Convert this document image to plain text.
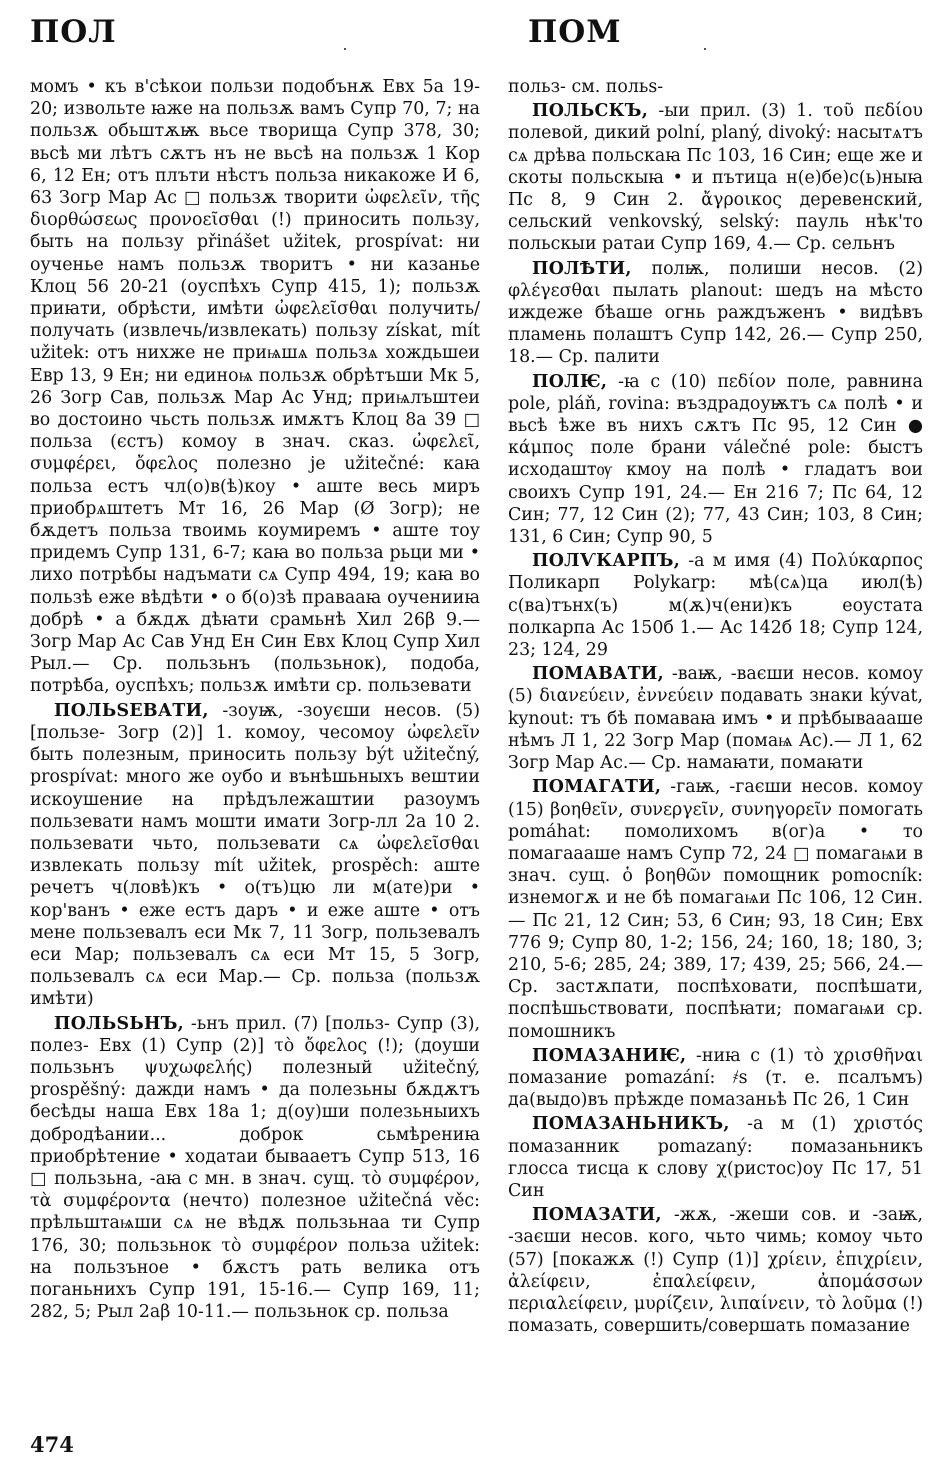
ПОЛ	ПОМ

момъ • къ в'сѣкои пользи подобънѫ Евх 5а 19-20; извольте ꙗже на пользѫ вамъ Супр 70, 7; на пользѫ обьштѫѭ вьсе творища Супр 378, 30; вьсѣ ми лѣтъ сѫтъ нъ не вьсѣ на пользѫ 1 Кор 6, 12 Ен; отъ плъти нѣстъ польза никакоже И 6, 63 Зогр Мар Ас □ пользѫ творити ὠφελεῖν, τῆς διορθώσεως προνοεῖσθαι (!) приносить пользу, быть на пользу přinášet užitek, prospívat: ни оученье намъ пользѫ творитъ • ни казанье Клоц 56 20-21 (оуспѣхъ Супр 415, 1); пользѫ приꙗти, обрѣсти, имѣти ὠφελεῖσθαι получить/получать (извлечь/извлекать) пользу získat, mít užitek: отъ нихже не приѩшѧ пользѧ хождьшеи Евр 13, 9 Ен; ни единоѩ пользѫ обрѣтъши Мк 5, 26 Зогр Сав, пользѫ Мар Ас Унд; приѩлъштеи во достоино чьсть пользѫ имѫтъ Клоц 8а 39 □ польза (єстъ) комоу в знач. сказ. ὠφελεῖ, συμφέρει, ὄφελος полезно je užitečné: каꙗ пользa естъ чл(о)в(ѣ)коу • аште весь миръ приобрѧштетъ Мт 16, 26 Мар (Ø Зогр); не бѫдетъ польза твоимь коумиремъ • аште тоу придемъ Супр 131, 6-7; каꙗ во польза рьци ми • лихо потрѣбы надъмати сѧ Супр 494, 19; каꙗ во пользѣ еже вѣдѣти • о б(о)зѣ правааꙗ оученииꙗ добрѣ • а бѫдѫ дѣꙗти срамьнѣ Хил 26β 9.— Зогр Мар Ас Сав Унд Ен Син Евх Клоц Супр Хил Рыл.— Ср. пользьнъ (пользьнок), подоба, потрѣба, оуспѣхъ; пользѫ имѣти ср. пользевати

ПОЛЬЅЕВАТИ, -зоуѭ, -зоуєши несов. (5) [пользе- Зогр (2)] 1. комоу, чесомоу ὠφελεῖν быть полезным, приносить пользу být užitečný, prospívat: много же оубо и вънѣшьныхъ вештии искоушение на прѣдълежаштии разоумъ пользевати намъ мошти имати Зогр-лл 2а 10 2. пользевати чьто, пользевати сѧ ὠφελεῖσθαι извлекать пользу mít užitek, prospěch: аште речетъ ч(ловѣ)къ • о(тъ)цю ли м(ате)ри • кор'ванъ • еже естъ даръ • и еже аште • отъ мене пользевалъ еси Мк 7, 11 Зогр, пользевалъ еси Мар; пользевалъ сѧ еси Мт 15, 5 Зогр, пользевалъ сѧ еси Мар.— Ср. польза (пользѫ имѣти)

ПОЛЬЅЬНЪ, -ьнъ прил. (7) [польз- Супр (3), полез- Евх (1) Супр (2)] τὸ ὄφελος (!); (доуши пользьнъ ψυχωφελής) полезный užitečný, prospěšný: дажди намъ • да полезьны бѫдѫтъ бесѣды наша Евх 18а 1; д(оу)ши полезьныихъ добродѣании... доброк сьмѣрениꙗ приобрѣтение • ходатаи бывааетъ Супр 513, 16 □ пользьна, -аꙗ с мн. в знач. сущ. τὸ συμφέρον, τὰ συμφέροντα (нечто) полезное užitečná věc: прѣльштаѩши сѧ не вѣдѫ пользьнаа ти Супр 176, 30; пользьнок τὸ συμφέρον польза užitek: на пользъноe • бѫстъ рать велика отъ поганьнихъ Супр 191, 15-16.— Супр 169, 11; 282, 5; Рыл 2аβ 10-11.— пользьнок ср. польза

польз- см. польѕ-

ПОЛЬСКЪ, -ыи прил. (3) 1. τοῦ πεδίου полевой, дикий polní, planý, divoký: насытѧтъ сѧ дрѣва польскаꙗ Пс 103, 16 Син; еще же и скоты польскыꙗ • и пътица н(е)бе)с(ь)ныꙗ Пс 8, 9 Син 2. ἄγροικος деревенский, сельский venkovský, selský: пауль нѣк'то польскыи ратаи Супр 169, 4.— Ср. сельнъ

ПОЛѢТИ, полѭ, полиши несов. (2) φλέγεσθαι пылать planout: шедъ на мѣсто иждеже бѣаше огнь раждъженъ • видѣвъ пламень полаштъ Супр 142, 26.— Супр 250, 18.— Ср. палити

ПОЛѤ, -ꙗ с (10) πεδίον поле, равнина pole, pláň, rovina: въздрадоуѭтъ сѧ полѣ • и вьсѣ ѣже въ нихъ сѫтъ Пс 95, 12 Син ● κάμπος поле брани válečné pole: быстъ исходаштѹ кмоу на полѣ • гладатъ вои своихъ Супр 191, 24.— Ен 216 7; Пс 64, 12 Син; 77, 12 Син (2); 77, 43 Син; 103, 8 Син; 131, 6 Син; Супр 90, 5

ПОЛѴКАРПЪ, -а м имя (4) Πολύκαρπος Поликарп Polykarp: мѣ(сѧ)ца июл(ѣ) с(ва)тънх(ъ) м(ѫ)ч(ени)къ еоустата полкарпа Ас 150б 1.— Ас 142б 18; Супр 124, 23; 124, 29

ПОМАВАТИ, -ваѭ, -ваєши несов. комоу (5) διανεύειν, ἐννεύειν подавать знаки kývat, kynout: тъ бѣ помаваꙗ имъ • и прѣбываааше нѣмъ Л 1, 22 Зогр Мар (помаѩ Ас).— Л 1, 62 Зогр Мар Ас.— Ср. намаꙗти, помаꙗти

ПОМАГАТИ, -гаѭ, -гаєши несов. комоу (15) βοηθεῖν, συνεργεῖν, συνηγορεῖν помогать pomáhat: помолихомъ в(ог)а • то помагаааше намъ Супр 72, 24 □ помагаѩи в знач. сущ. ὁ βοηθῶν помощник pomocník: изнемогѫ и не бѣ помагаѩи Пс 106, 12 Син.— Пс 21, 12 Син; 53, 6 Син; 93, 18 Син; Евх 776 9; Супр 80, 1-2; 156, 24; 160, 18; 180, 3; 210, 5-6; 285, 24; 389, 17; 439, 25; 566, 24.— Ср. застѫпати, поспѣховати, поспѣшати, поспѣшьствовати, поспѣꙗти; помагаѩи ср. помошникъ

ПОМАЗАНИѤ, -ниꙗ с (1) τὸ χρισθῆναι помазание pomazání: ҂ѕ (т. е. псалъмъ) да(выдо)въ прѣжде помазаньѣ Пс 26, 1 Син

ПОМАЗАНЬНИКЪ, -а м (1) χριστός помазанник pomazaný: помазаньникъ глосса тисца к слову χ(ристос)оу Пс 17, 51 Син

ПОМАЗАТИ, -жѫ, -жеши сов. и -заѭ, -заєши несов. кого, чьто чимь; комоу чьто (57) [покажѫ (!) Супр (1)] χρίειν, ἐπιχρίειν, ἀλείφειν, ἐπαλείφειν, ἀπομάσσων περιαλείφειν, μυρίζειν, λιπαίνειν, τὸ λοῦμα (!) помазать, совершить/совершать помазание

474
